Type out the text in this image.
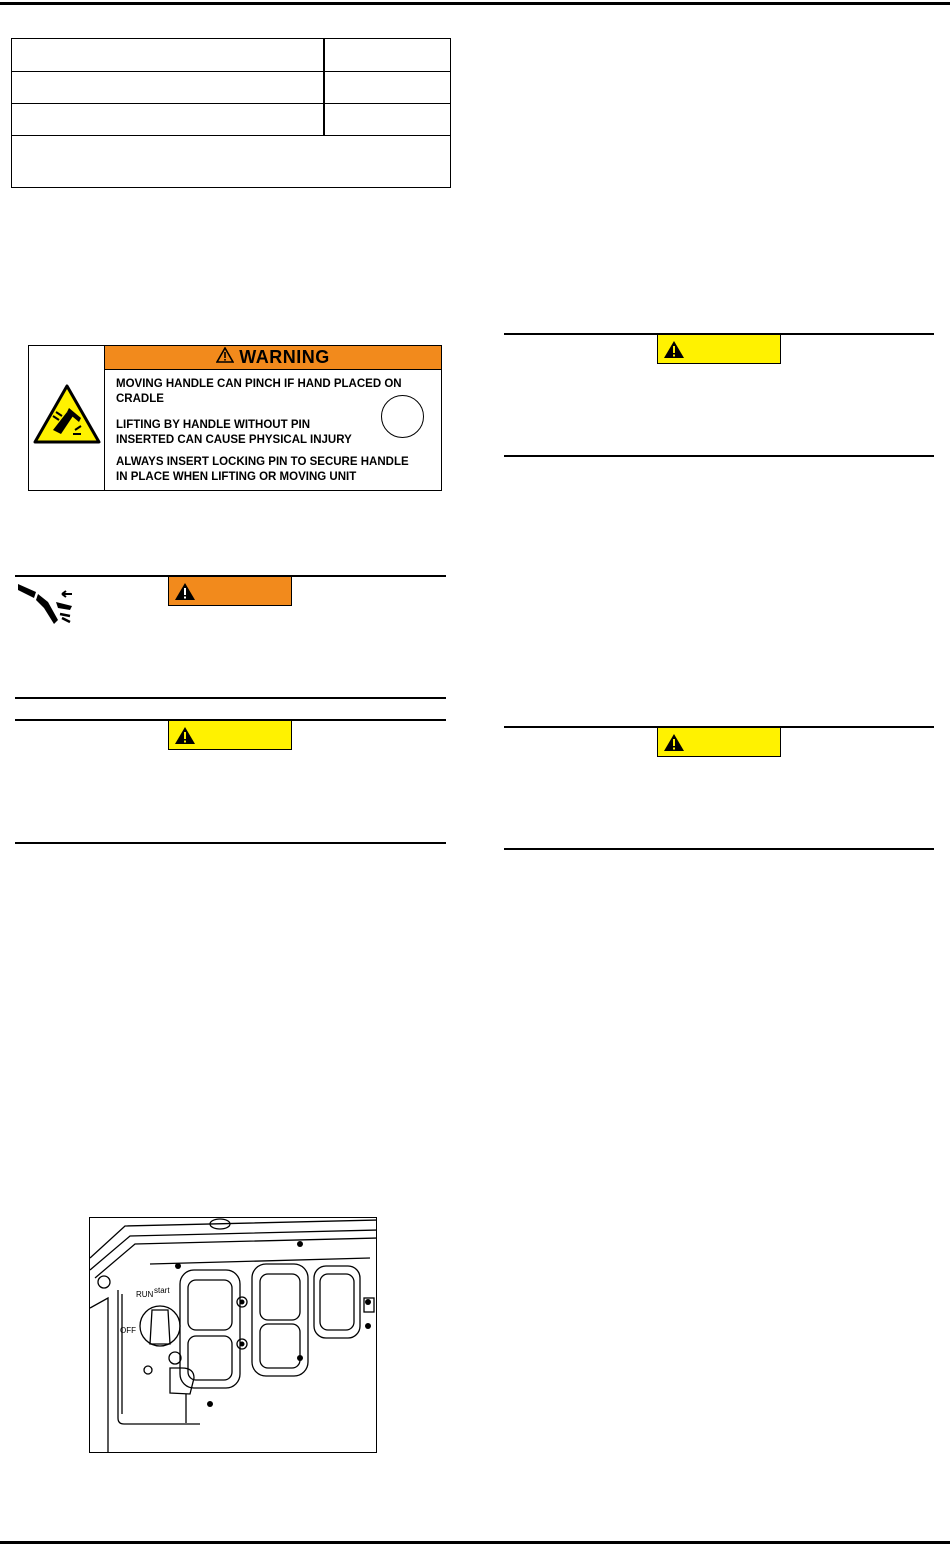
WARNING
MOVING HANDLE CAN PINCH IF HAND PLACED ON
CRADLE
LIFTING BY HANDLE WITHOUT PIN
INSERTED CAN CAUSE PHYSICAL INJURY
ALWAYS INSERT LOCKING PIN TO SECURE HANDLE
IN PLACE WHEN LIFTING OR MOVING UNIT
RUN start
OFF
